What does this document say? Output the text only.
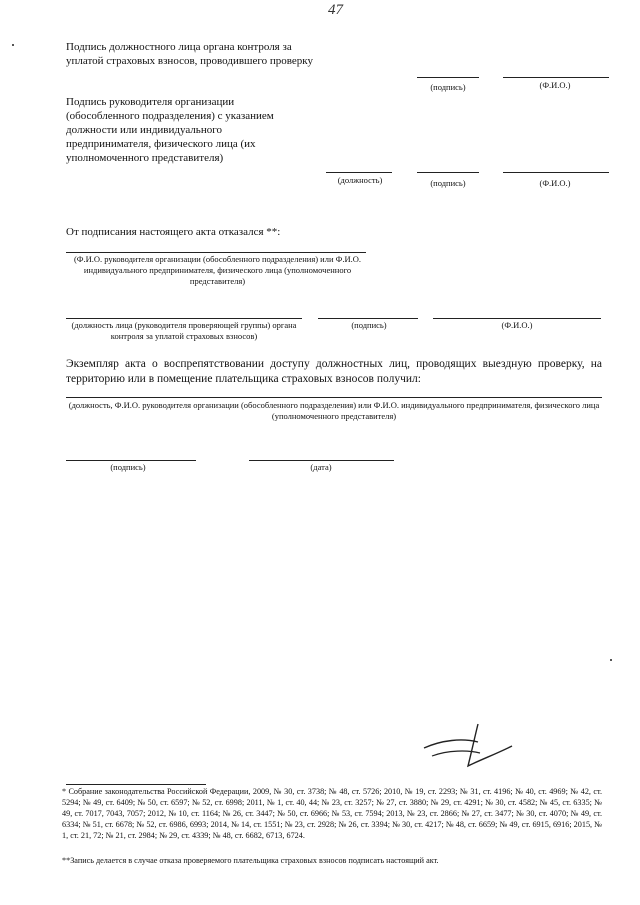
47
Подпись должностного лица органа контроля за уплатой страховых взносов, проводившего проверку
(подпись)	(Ф.И.О.)
Подпись руководителя организации (обособленного подразделения) с указанием должности или индивидуального предпринимателя, физического лица (их уполномоченного представителя)
(должность)	(подпись)	(Ф.И.О.)
От подписания настоящего акта отказался **:
(Ф.И.О. руководителя организации (обособленного подразделения) или Ф.И.О. индивидуального предпринимателя, физического лица (уполномоченного представителя)
(должность лица (руководителя проверяющей группы) органа контроля за уплатой страховых взносов)
(подпись)	(Ф.И.О.)
Экземпляр акта о воспрепятствовании доступу должностных лиц, проводящих выездную проверку, на территорию или в помещение плательщика страховых взносов получил:
(должность, Ф.И.О. руководителя организации (обособленного подразделения) или Ф.И.О. индивидуального предпринимателя, физического лица (уполномоченного представителя)
(подпись)	(дата)
* Собрание законодательства Российской Федерации, 2009, № 30, ст. 3738; № 48, ст. 5726; 2010, № 19, ст. 2293; № 31, ст. 4196; № 40, ст. 4969; № 42, ст. 5294; № 49, ст. 6409; № 50, ст. 6597; № 52, ст. 6998; 2011, № 1, ст. 40, 44; № 23, ст. 3257; № 27, ст. 3880; № 29, ст. 4291; № 30, ст. 4582; № 45, ст. 6335; № 49, ст. 7017, 7043, 7057; 2012, № 10, ст. 1164; № 26, ст. 3447; № 50, ст. 6966; № 53, ст. 7594; 2013, № 23, ст. 2866; № 27, ст. 3477; № 30, ст. 4070; № 49, ст. 6334; № 51, ст. 6678; № 52, ст. 6986, 6993; 2014, № 14, ст. 1551; № 23, ст. 2928; № 26, ст. 3394; № 30, ст. 4217; № 48, ст. 6659; № 49, ст. 6915, 6916; 2015, № 1, ст. 21, 72; № 21, ст. 2984; № 29, ст. 4339; № 48, ст. 6682, 6713, 6724.
**Запись делается в случае отказа проверяемого плательщика страховых взносов подписать настоящий акт.
